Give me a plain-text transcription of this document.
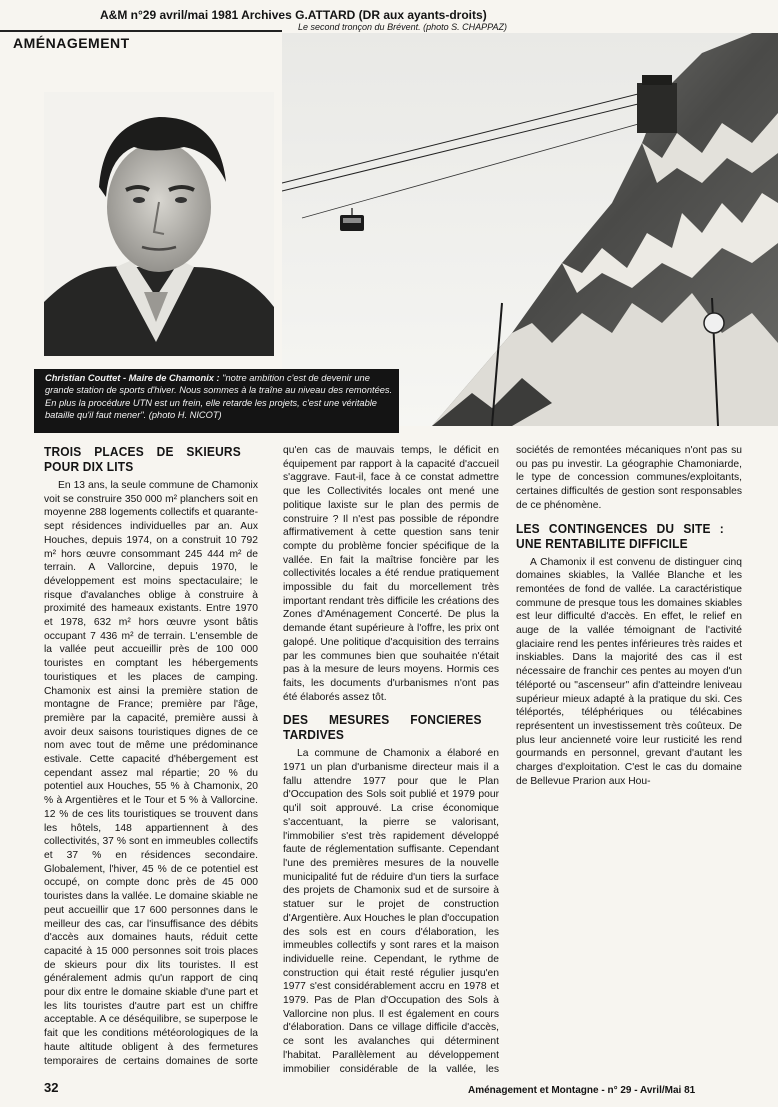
A&M n°29 avril/mai 1981 Archives G.ATTARD (DR aux ayants-droits)
AMÉNAGEMENT
Le second tronçon du Brévent. (photo S. CHAPPAZ)
Christian Couttet - Maire de Chamonix : "notre ambition c'est de devenir une grande station de sports d'hiver. Nous sommes à la traîne au niveau des remontées. En plus la procédure UTN est un frein, elle retarde les projets, c'est une véritable bataille qu'il faut mener". (photo H. NICOT)
TROIS PLACES DE SKIEURS POUR DIX LITS

En 13 ans, la seule commune de Chamonix voit se construire 350 000 m² planchers soit en moyenne 288 logements collectifs et quarante-sept résidences individuelles par an. Aux Houches, depuis 1974, on a construit 10 792 m² hors œuvre consommant 245 444 m² de terrain. A Vallorcine, depuis 1970, le développement est moins spectaculaire; le risque d'avalanches oblige à construire à proximité des hameaux existants. Entre 1970 et 1978, 632 m² hors œuvre ysont bâtis occupant 7 436 m² de terrain. L'ensemble de la vallée peut accueillir près de 100 000 touristes en comptant les hébergements touristiques et les places de camping. Chamonix est ainsi la première station de montagne de France; première par l'âge, première par la capacité, première aussi à avoir deux saisons touristiques dignes de ce nom avec tout de même une prédominance estivale. Cette capacité d'hébergement est cependant assez mal répartie; 20 % du potentiel aux Houches, 55 % à Chamonix, 20 % à Argentières et le Tour et 5 % à Vallorcine. 12 % de ces lits touristiques se trouvent dans les hôtels, 148 appartiennent à des collectivités, 37 % sont en immeubles collectifs et 37 % en résidences secondaire. Globalement, l'hiver, 45 % de ce potentiel est occupé, on compte donc près de 45 000 touristes dans la vallée. Le domaine skiable ne peut accueillir que 17 600 personnes dans le meilleur des cas, car l'insuffisance des débits d'accès aux domaines hauts, réduit cette capacité à 15 000 personnes soit trois places de skieurs pour dix lits touristes. Il est généralement admis qu'un rapport de cinq pour dix entre le domaine skiable d'une part et les lits touristes d'autre part est un chiffre acceptable. A ce déséquilibre, se superpose le fait que les conditions météorologiques de la haute altitude obligent à des fermetures temporaires de certains domaines de sorte

qu'en cas de mauvais temps, le déficit en équipement par rapport à la capacité d'accueil s'aggrave. Faut-il, face à ce constat admettre que les Collectivités locales ont mené une politique laxiste sur le plan des permis de construire ? Il n'est pas possible de répondre affirmativement à cette question sans tenir compte du problème foncier spécifique de la vallée. En fait la maîtrise foncière par les collectivités locales a été rendue pratiquement impossible du fait du morcellement très important rendant très difficile les créations des Zones d'Aménagement Concerté. De plus la demande étant supérieure à l'offre, les prix ont galopé. Une politique d'acquisition des terrains par les communes bien que souhaitée n'était pas à la mesure de leurs moyens. Hormis ces faits, les documents d'urbanismes n'ont pas été élaborés assez tôt.

DES MESURES FONCIERES TARDIVES

La commune de Chamonix a élaboré en 1971 un plan d'urbanisme directeur mais il a fallu attendre 1977 pour que le Plan d'Occupation des Sols soit publié et 1979 pour qu'il soit approuvé. La crise économique s'accentuant, la pierre se valorisant, l'immobilier s'est très rapidement développé faute de réglementation suffisante. Cependant l'une des premières mesures de la nouvelle municipalité fut de réduire d'un tiers la surface des projets de Chamonix sud et de sursoire à statuer sur le projet de construction d'Argentière. Aux Houches le plan d'occupation des sols est en cours d'élaboration, les immeubles collectifs y sont rares et la maison individuelle reine. Cependant, le rythme de construction qui était resté régulier jusqu'en 1977 s'est considérablement accru en 1978 et 1979. Pas de Plan d'Occupation des Sols à Vallorcine non plus. Il est également en cours d'élaboration. Dans ce village difficile d'accès, ce sont les avalanches qui déterminent l'habitat. Parallèlement au développement immobilier considérable de la vallée, les

sociétés de remontées mécaniques n'ont pas su ou pas pu investir. La géographie Chamoniarde, le type de concession communes/exploitants, certaines difficultés de gestion sont responsables de ce phénomène.

LES CONTINGENCES DU SITE : UNE RENTABILITE DIFFICILE

A Chamonix il est convenu de distinguer cinq domaines skiables, la Vallée Blanche et les remontées de fond de vallée. La caractéristique commune de presque tous les domaines skiables est leur difficulté d'accès. En effet, le relief en auge de la vallée témoignant de l'activité glaciaire rend les pentes inférieures très raides et inskiables. Dans la majorité des cas il est nécessaire de franchir ces pentes au moyen d'un téléporté ou "ascenseur" afin d'atteindre leniveau supérieur mieux adapté à la pratique du ski. Ces téléportés, téléphériques ou télécabines représentent un investissement très coûteux. De plus leur ancienneté voire leur rusticité les rend gourmands en personnel, grevant d'autant les charges d'exploitation. C'est le cas du domaine de Bellevue Prarion aux Hou-

32	Aménagement et Montagne - n° 29 - Avril/Mai 81
